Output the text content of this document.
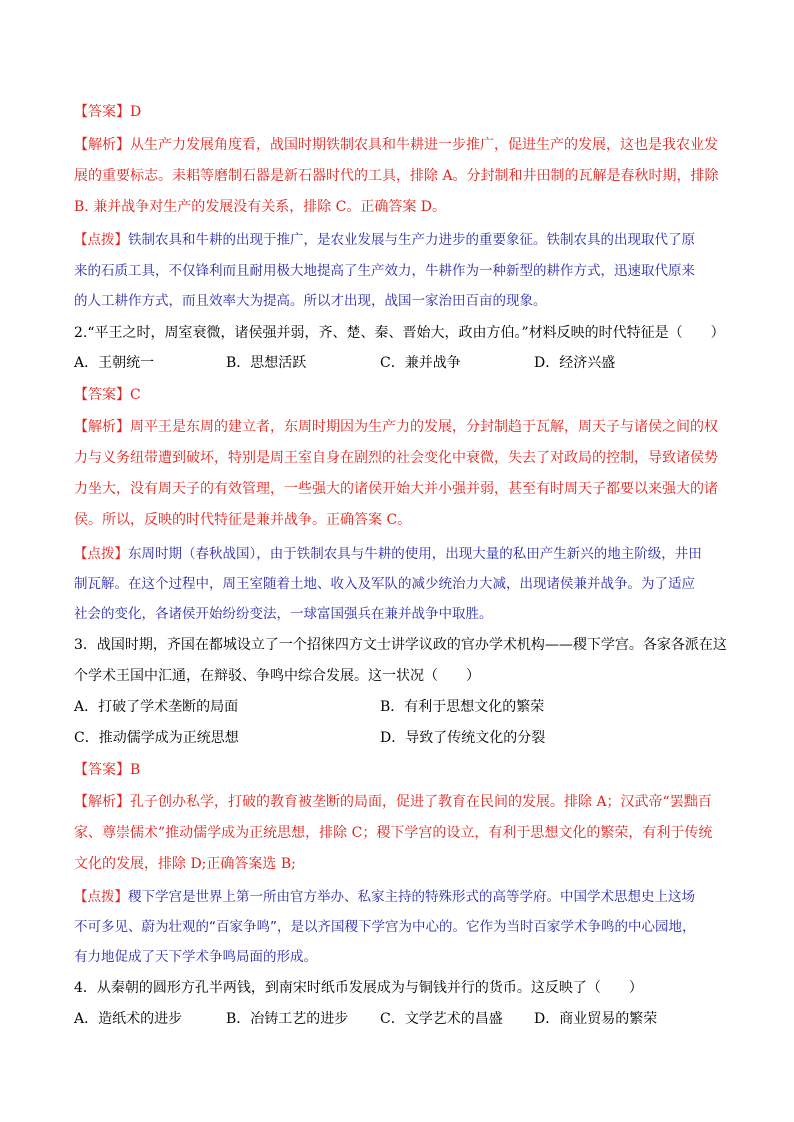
【答案】D
【解析】从生产力发展角度看，战国时期铁制农具和牛耕进一步推广，促进生产的发展，这也是我农业发
展的重要标志。耒耜等磨制石器是新石器时代的工具，排除 A。分封制和井田制的瓦解是春秋时期，排除
B. 兼并战争对生产的发展没有关系，排除 C。正确答案 D。
【点拨】铁制农具和牛耕的出现于推广，是农业发展与生产力进步的重要象征。铁制农具的出现取代了原
来的石质工具，不仅锋利而且耐用极大地提高了生产效力，牛耕作为一种新型的耕作方式，迅速取代原来
的人工耕作方式，而且效率大为提高。所以才出现，战国一家治田百亩的现象。
2.“平王之时，周室衰微，诸侯强并弱，齐、楚、秦、晋始大，政由方伯。”材料反映的时代特征是（　　）
A．王朝统一	B．思想活跃	C．兼并战争	D．经济兴盛
【答案】C
【解析】周平王是东周的建立者，东周时期因为生产力的发展，分封制趋于瓦解，周天子与诸侯之间的权
力与义务纽带遭到破坏，特别是周王室自身在剧烈的社会变化中衰微，失去了对政局的控制，导致诸侯势
力坐大，没有周天子的有效管理，一些强大的诸侯开始大并小强并弱，甚至有时周天子都要以来强大的诸
侯。所以，反映的时代特征是兼并战争。正确答案 C。
【点拨】东周时期（春秋战国），由于铁制农具与牛耕的使用，出现大量的私田产生新兴的地主阶级，井田
制瓦解。在这个过程中，周王室随着土地、收入及军队的减少统治力大减，出现诸侯兼并战争。为了适应
社会的变化，各诸侯开始纷纷变法，一球富国强兵在兼并战争中取胜。
3．战国时期，齐国在都城设立了一个招徕四方文士讲学议政的官办学术机构——稷下学宫。各家各派在这
个学术王国中汇通，在辩驳、争鸣中综合发展。这一状况（　　）
A．打破了学术垄断的局面	B．有利于思想文化的繁荣
C．推动儒学成为正统思想	D．导致了传统文化的分裂
【答案】B
【解析】孔子创办私学，打破的教育被垄断的局面，促进了教育在民间的发展。排除 A；汉武帝“罢黜百
家、尊崇儒术”推动儒学成为正统思想，排除 C；稷下学宫的设立，有利于思想文化的繁荣，有利于传统
文化的发展，排除 D;正确答案选 B;
【点拨】稷下学宫是世界上第一所由官方举办、私家主持的特殊形式的高等学府。中国学术思想史上这场
不可多见、蔚为壮观的“百家争鸣”，是以齐国稷下学宫为中心的。它作为当时百家学术争鸣的中心园地，
有力地促成了天下学术争鸣局面的形成。
4．从秦朝的圆形方孔半两钱，到南宋时纸币发展成为与铜钱并行的货币。这反映了（　　）
A．造纸术的进步	B．冶铸工艺的进步 C．文学艺术的昌盛 D．商业贸易的繁荣
